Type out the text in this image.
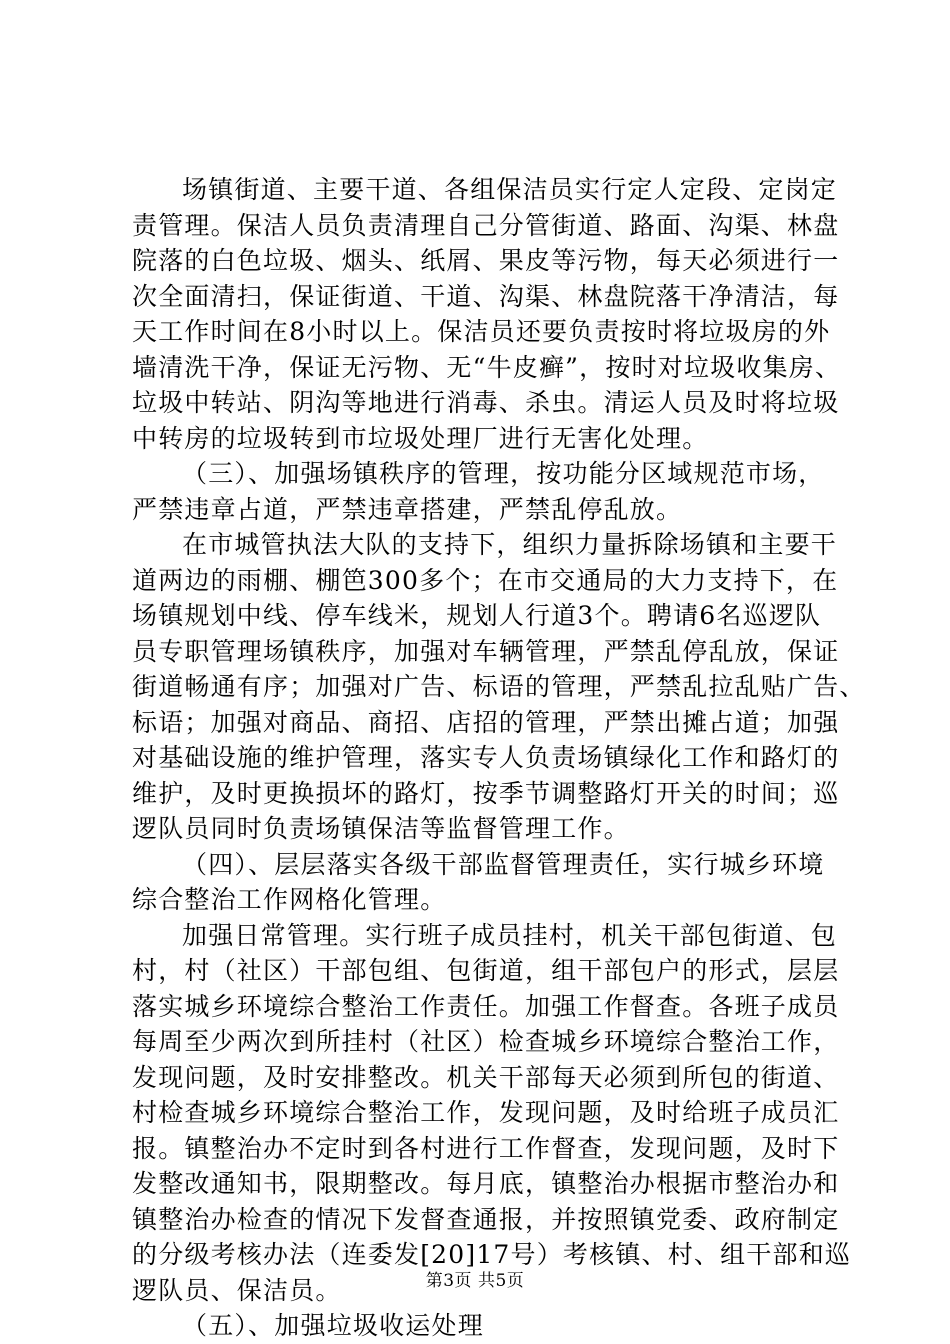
场镇街道、主要干道、各组保洁员实行定人定段、定岗定
责管理。保洁人员负责清理自己分管街道、路面、沟渠、林盘
院落的白色垃圾、烟头、纸屑、果皮等污物，每天必须进行一
次全面清扫，保证街道、干道、沟渠、林盘院落干净清洁，每
天工作时间在8小时以上。保洁员还要负责按时将垃圾房的外
墙清洗干净，保证无污物、无“牛皮癣”，按时对垃圾收集房、
垃圾中转站、阴沟等地进行消毒、杀虫。清运人员及时将垃圾
中转房的垃圾转到市垃圾处理厂进行无害化处理。
（三）、加强场镇秩序的管理，按功能分区域规范市场，
严禁违章占道，严禁违章搭建，严禁乱停乱放。
在市城管执法大队的支持下，组织力量拆除场镇和主要干
道两边的雨棚、棚笆300多个；在市交通局的大力支持下，在
场镇规划中线、停车线米，规划人行道3个。聘请6名巡逻队
员专职管理场镇秩序，加强对车辆管理，严禁乱停乱放，保证
街道畅通有序；加强对广告、标语的管理，严禁乱拉乱贴广告、
标语；加强对商品、商招、店招的管理，严禁出摊占道；加强
对基础设施的维护管理，落实专人负责场镇绿化工作和路灯的
维护，及时更换损坏的路灯，按季节调整路灯开关的时间；巡
逻队员同时负责场镇保洁等监督管理工作。
（四）、层层落实各级干部监督管理责任，实行城乡环境
综合整治工作网格化管理。
加强日常管理。实行班子成员挂村，机关干部包街道、包
村，村（社区）干部包组、包街道，组干部包户的形式，层层
落实城乡环境综合整治工作责任。加强工作督查。各班子成员
每周至少两次到所挂村（社区）检查城乡环境综合整治工作，
发现问题，及时安排整改。机关干部每天必须到所包的街道、
村检查城乡环境综合整治工作，发现问题，及时给班子成员汇
报。镇整治办不定时到各村进行工作督查，发现问题，及时下
发整改通知书，限期整改。每月底，镇整治办根据市整治办和
镇整治办检查的情况下发督查通报，并按照镇党委、政府制定
的分级考核办法（连委发[20]17号）考核镇、村、组干部和巡
逻队员、保洁员。
（五）、加强垃圾收运处理
第3页 共5页
